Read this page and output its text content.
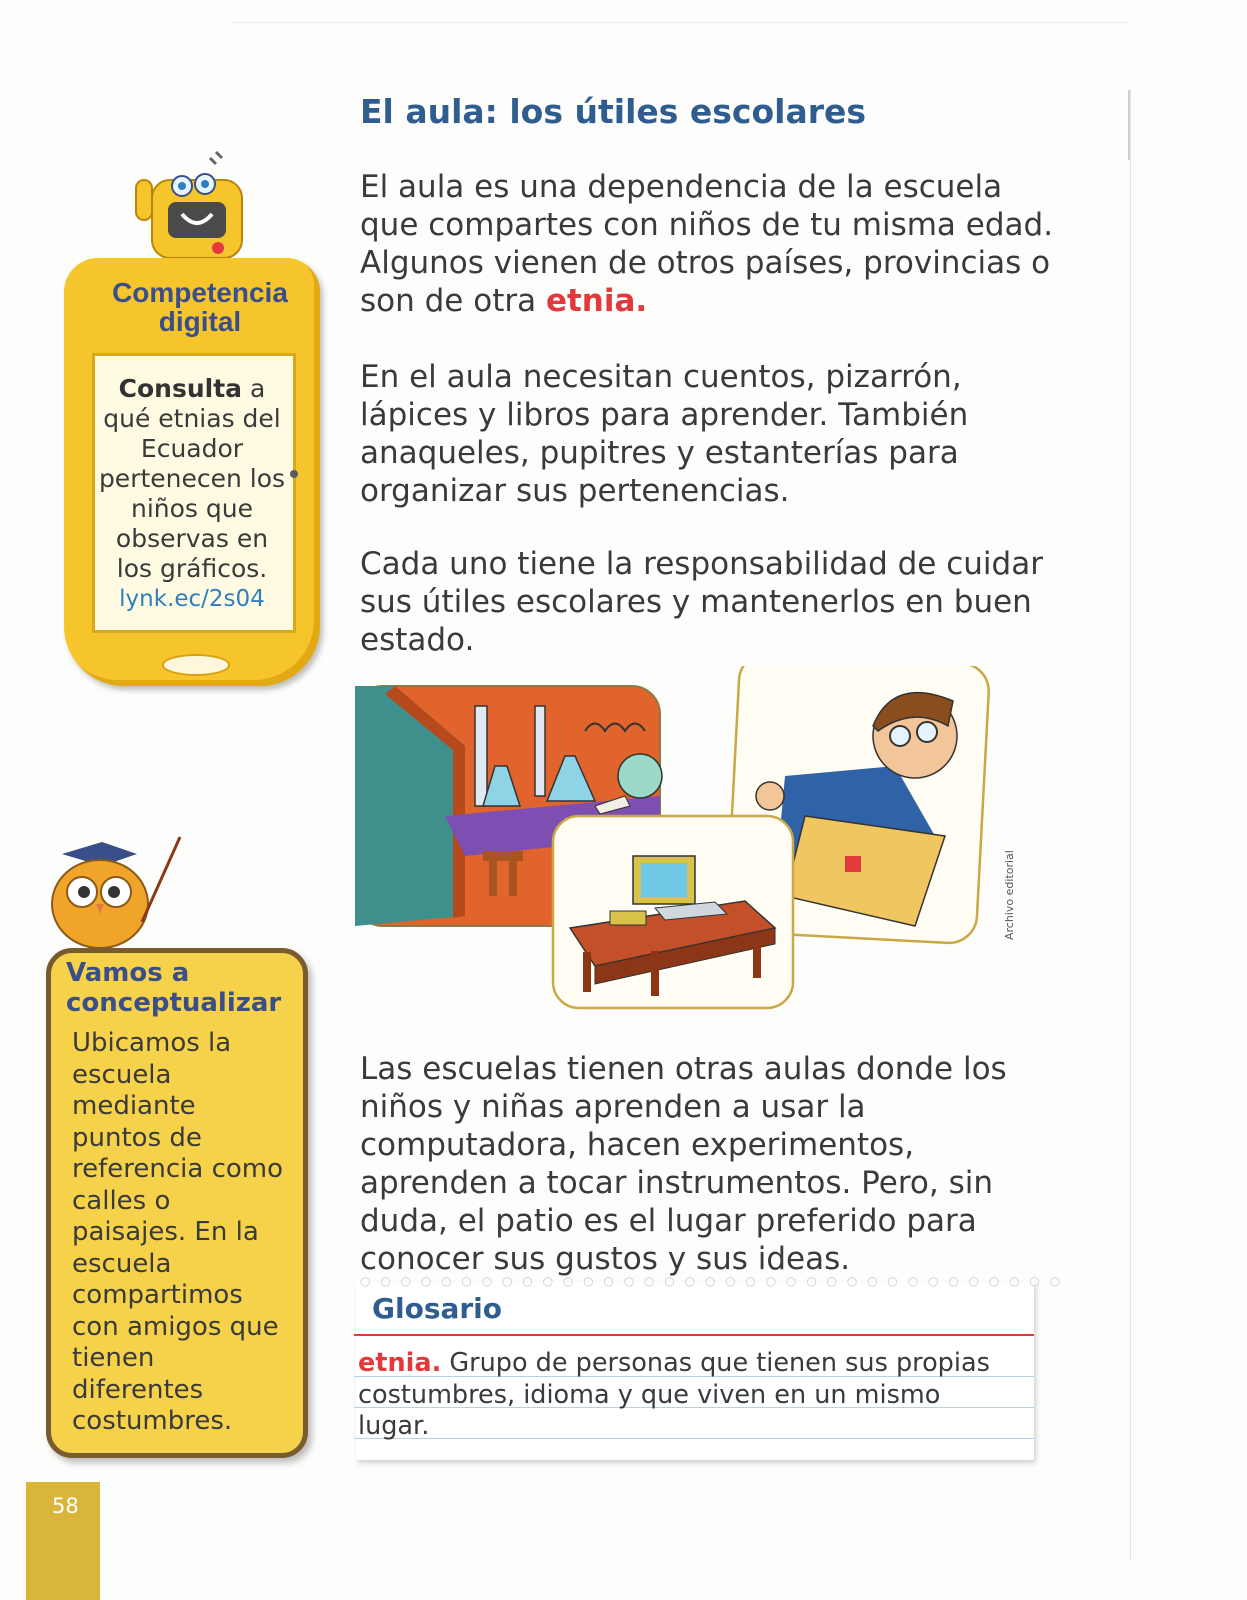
El aula: los útiles escolares

El aula es una dependencia de la escuela que compartes con niños de tu misma edad. Algunos vienen de otros países, provincias o son de otra etnia.

En el aula necesitan cuentos, pizarrón, lápices y libros para aprender. También anaqueles, pupitres y estanterías para organizar sus pertenencias.

Cada uno tiene la responsabilidad de cuidar sus útiles escolares y mantenerlos en buen estado.

Archivo editorial

Las escuelas tienen otras aulas donde los niños y niñas aprenden a usar la computadora, hacen experimentos, aprenden a tocar instrumentos. Pero, sin duda, el patio es el lugar preferido para conocer sus gustos y sus ideas.

Competencia digital

Consulta a qué etnias del Ecuador pertenecen los niños que observas en los gráficos.

lynk.ec/2s04

Vamos a conceptualizar

Ubicamos la escuela mediante puntos de referencia como calles o paisajes. En la escuela compartimos con amigos que tienen diferentes costumbres.

○ ○ ○ ○ ○ ○ ○ ○ ○ ○ ○ ○ ○ ○ ○ ○ ○ ○ ○ ○ ○ ○ ○ ○ ○ ○ ○ ○ ○ ○ ○ ○ ○ ○ ○
Glosario

etnia. Grupo de personas que tienen sus propias costumbres, idioma y que viven en un mismo lugar.

58
